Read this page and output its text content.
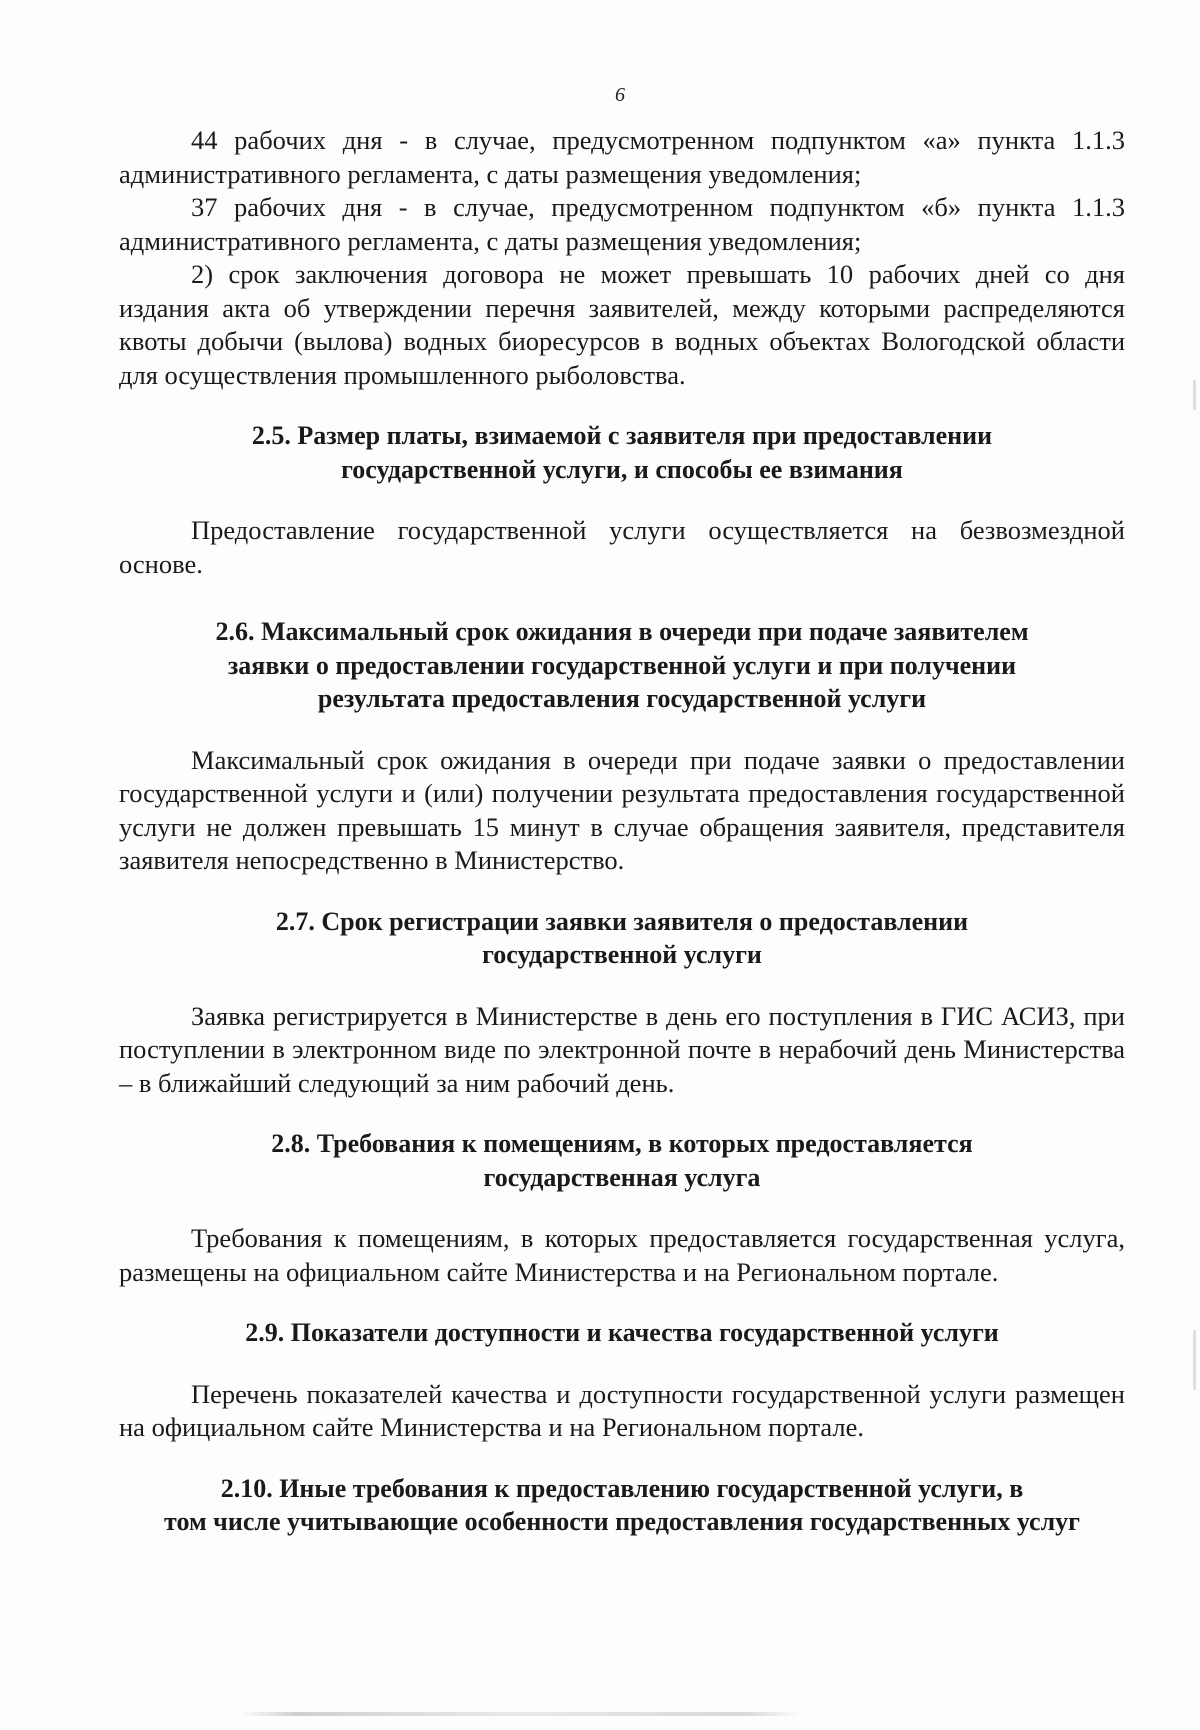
6

44 рабочих дня - в случае, предусмотренном подпунктом «а» пункта 1.1.3 административного регламента, с даты размещения уведомления;

37 рабочих дня - в случае, предусмотренном подпунктом «б» пункта 1.1.3 административного регламента, с даты размещения уведомления;

2) срок заключения договора не может превышать 10 рабочих дней со дня издания акта об утверждении перечня заявителей, между которыми распределяются квоты добычи (вылова) водных биоресурсов в водных объектах Вологодской области для осуществления промышленного рыболовства.

2.5. Размер платы, взимаемой с заявителя при предоставлении
государственной услуги, и способы ее взимания

Предоставление государственной услуги осуществляется на безвозмездной основе.

2.6. Максимальный срок ожидания в очереди при подаче заявителем
заявки о предоставлении государственной услуги и при получении
результата предоставления государственной услуги

Максимальный срок ожидания в очереди при подаче заявки о предоставлении государственной услуги и (или) получении результата предоставления государственной услуги не должен превышать 15 минут в случае обращения заявителя, представителя заявителя непосредственно в Министерство.

2.7. Срок регистрации заявки заявителя о предоставлении
государственной услуги

Заявка регистрируется в Министерстве в день его поступления в ГИС АСИЗ, при поступлении в электронном виде по электронной почте в нерабочий день Министерства – в ближайший следующий за ним рабочий день.

2.8. Требования к помещениям, в которых предоставляется
государственная услуга

Требования к помещениям, в которых предоставляется государственная услуга, размещены на официальном сайте Министерства и на Региональном портале.

2.9. Показатели доступности и качества государственной услуги

Перечень показателей качества и доступности государственной услуги размещен на официальном сайте Министерства и на Региональном портале.

2.10. Иные требования к предоставлению государственной услуги, в
том числе учитывающие особенности предоставления государственных услуг
